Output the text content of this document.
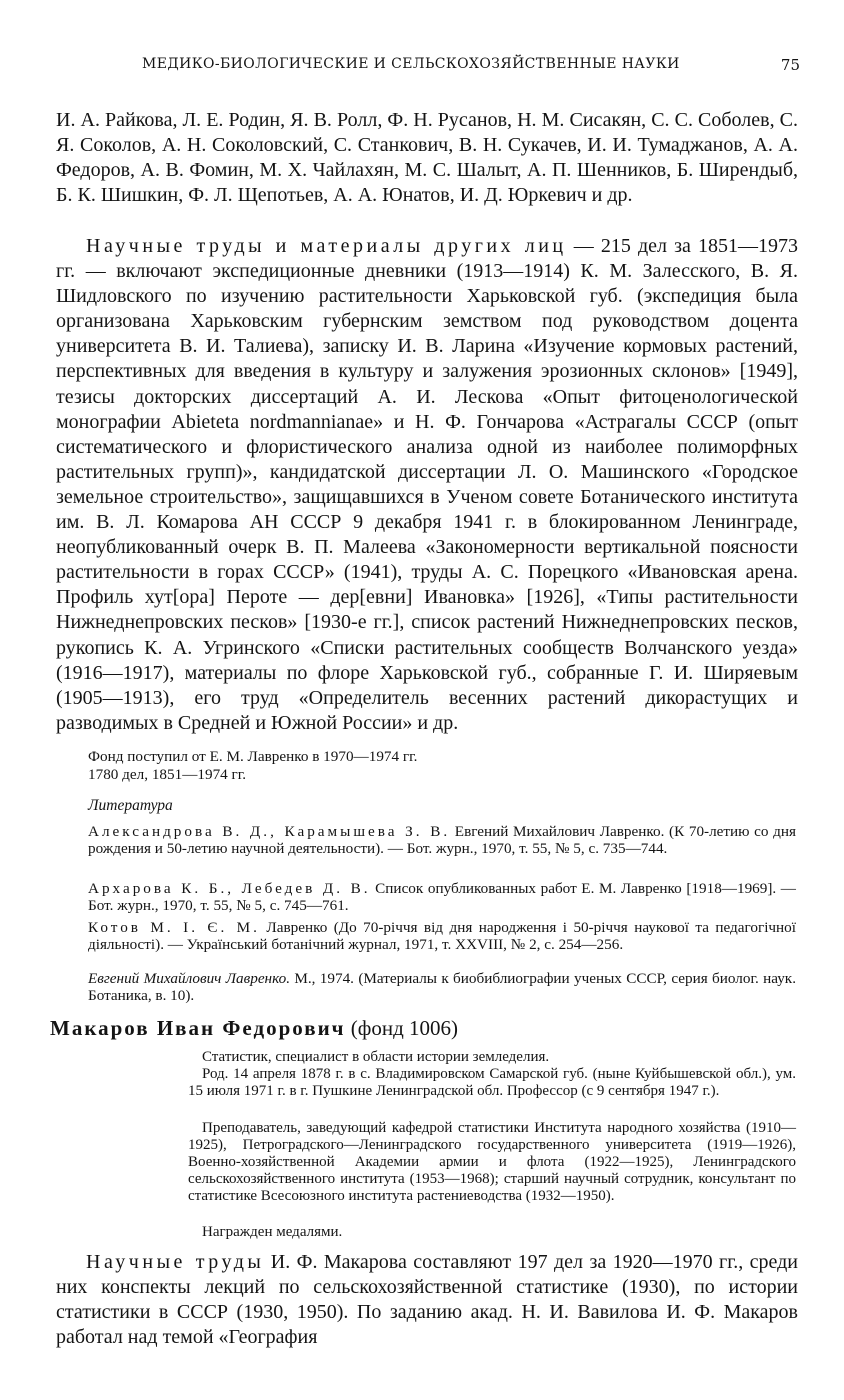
МЕДИКО-БИОЛОГИЧЕСКИЕ И СЕЛЬСКОХОЗЯЙСТВЕННЫЕ НАУКИ	75

И. А. Райкова, Л. Е. Родин, Я. В. Ролл, Ф. Н. Русанов, Н. М. Сисакян, С. С. Соболев, С. Я. Соколов, А. Н. Соколовский, С. Станкович, В. Н. Сукачев, И. И. Тумаджанов, А. А. Федоров, А. В. Фомин, М. Х. Чайлахян, М. С. Шалыт, А. П. Шенников, Б. Ширендыб, Б. К. Шишкин, Ф. Л. Щепотьев, А. А. Юнатов, И. Д. Юркевич и др.

Научные труды и материалы других лиц — 215 дел за 1851—1973 гг. — включают экспедиционные дневники (1913—1914) К. М. Залесского, В. Я. Шидловского по изучению растительности Харьковской губ. (экспедиция была организована Харьковским губернским земством под руководством доцента университета В. И. Талиева), записку И. В. Ларина «Изучение кормовых растений, перспективных для введения в культуру и залужения эрозионных склонов» [1949], тезисы докторских диссертаций А. И. Лескова «Опыт фитоценологической монографии Abieteta nordmannianae» и Н. Ф. Гончарова «Астрагалы СССР (опыт систематического и флористического анализа одной из наиболее полиморфных растительных групп)», кандидатской диссертации Л. О. Машинского «Городское земельное строительство», защищавшихся в Ученом совете Ботанического института им. В. Л. Комарова АН СССР 9 декабря 1941 г. в блокированном Ленинграде, неопубликованный очерк В. П. Малеева «Закономерности вертикальной поясности растительности в горах СССР» (1941), труды А. С. Порецкого «Ивановская арена. Профиль хут[ора] Пероте — дер[евни] Ивановка» [1926], «Типы растительности Нижнеднепровских песков» [1930-е гг.], список растений Нижнеднепровских песков, рукопись К. А. Угринского «Списки растительных сообществ Волчанского уезда» (1916—1917), материалы по флоре Харьковской губ., собранные Г. И. Ширяевым (1905—1913), его труд «Определитель весенних растений дикорастущих и разводимых в Средней и Южной России» и др.

Фонд поступил от Е. М. Лавренко в 1970—1974 гг.
1780 дел, 1851—1974 гг.

Литература

Александрова В. Д., Карамышева З. В. Евгений Михайлович Лавренко. (К 70-летию со дня рождения и 50-летию научной деятельности). — Бот. журн., 1970, т. 55, № 5, с. 735—744.

Архарова К. Б., Лебедев Д. В. Список опубликованных работ Е. М. Лавренко [1918—1969]. — Бот. журн., 1970, т. 55, № 5, с. 745—761.

Котов М. І. Є. М. Лавренко (До 70-річчя від дня народження і 50-річчя наукової та педагогічної діяльності). — Український ботанічний журнал, 1971, т. XXVIII, № 2, с. 254—256.

Евгений Михайлович Лавренко. М., 1974. (Материалы к биобиблиографии ученых СССР, серия биолог. наук. Ботаника, в. 10).

Макаров Иван Федорович (фонд 1006)

Статистик, специалист в области истории земледелия.

Род. 14 апреля 1878 г. в с. Владимировском Самарской губ. (ныне Куйбышевской обл.), ум. 15 июля 1971 г. в г. Пушкине Ленинградской обл. Профессор (с 9 сентября 1947 г.).

Преподаватель, заведующий кафедрой статистики Института народного хозяйства (1910—1925), Петроградского—Ленинградского государственного университета (1919—1926), Военно-хозяйственной Академии армии и флота (1922—1925), Ленинградского сельскохозяйственного института (1953—1968); старший научный сотрудник, консультант по статистике Всесоюзного института растениеводства (1932—1950).

Награжден медалями.

Научные труды И. Ф. Макарова составляют 197 дел за 1920—1970 гг., среди них конспекты лекций по сельскохозяйственной статистике (1930), по истории статистики в СССР (1930, 1950). По заданию акад. Н. И. Вавилова И. Ф. Макаров работал над темой «География
